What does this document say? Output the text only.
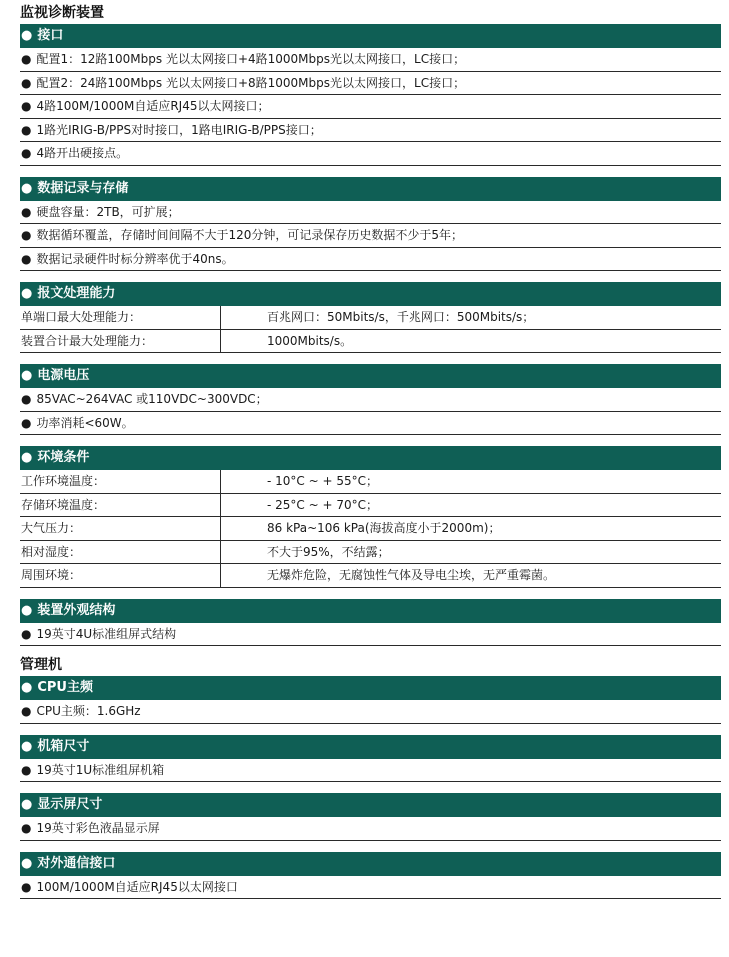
监视诊断装置
● 接口
● 配置1：12路100Mbps 光以太网接口+4路1000Mbps光以太网接口，LC接口；
● 配置2：24路100Mbps 光以太网接口+8路1000Mbps光以太网接口，LC接口；
● 4路100M/1000M自适应RJ45以太网接口；
● 1路光IRIG-B/PPS对时接口，1路电IRIG-B/PPS接口；
● 4路开出硬接点。
● 数据记录与存储
● 硬盘容量：2TB，可扩展；
● 数据循环覆盖，存储时间间隔不大于120分钟，可记录保存历史数据不少于5年；
● 数据记录硬件时标分辨率优于40ns。
● 报文处理能力
单端口最大处理能力：	百兆网口：50Mbits/s，千兆网口：500Mbits/s；
装置合计最大处理能力：	1000Mbits/s。
● 电源电压
● 85VAC~264VAC 或110VDC~300VDC；
● 功率消耗<60W。
● 环境条件
工作环境温度：	- 10°C ~ + 55°C；
存储环境温度：	- 25°C ~ + 70°C；
大气压力：	86 kPa~106 kPa(海拔高度小于2000m)；
相对湿度：	不大于95%，不结露；
周围环境：	无爆炸危险，无腐蚀性气体及导电尘埃，无严重霉菌。
● 装置外观结构
● 19英寸4U标准组屏式结构
管理机
● CPU主频
● CPU主频：1.6GHz
● 机箱尺寸
● 19英寸1U标准组屏机箱
● 显示屏尺寸
● 19英寸彩色液晶显示屏
● 对外通信接口
● 100M/1000M自适应RJ45以太网接口
